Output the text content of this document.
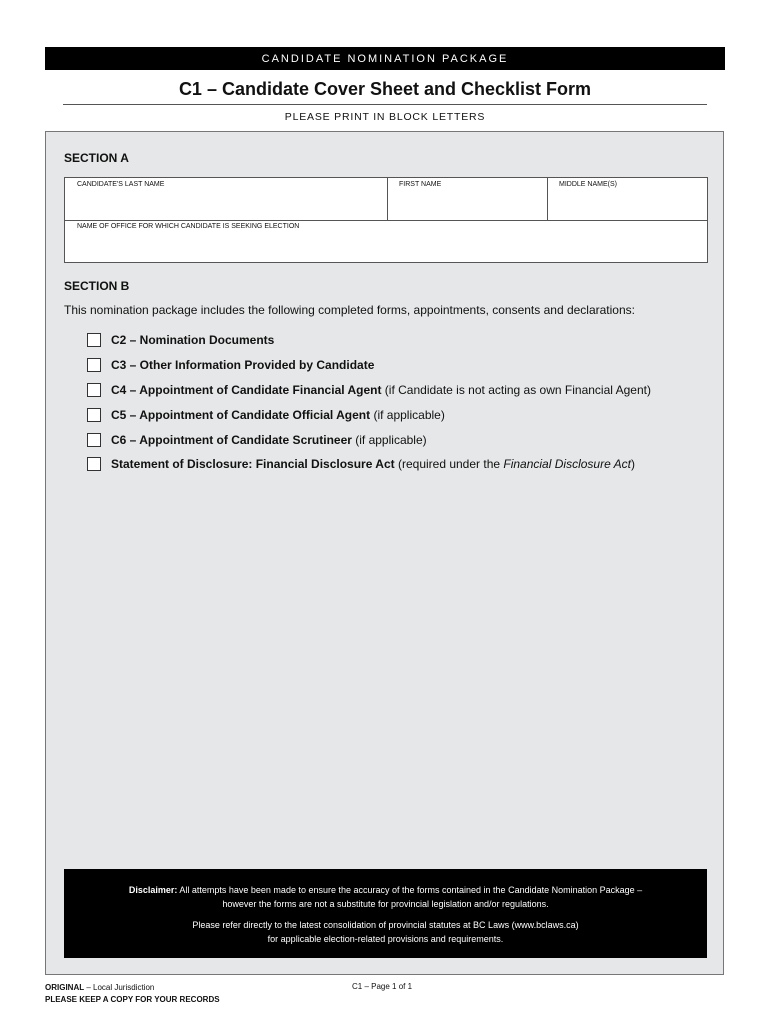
CANDIDATE NOMINATION PACKAGE
C1 – Candidate Cover Sheet and Checklist Form
PLEASE PRINT IN BLOCK LETTERS
SECTION A
CANDIDATE'S LAST NAME	FIRST NAME	MIDDLE NAME(S)
NAME OF OFFICE FOR WHICH CANDIDATE IS SEEKING ELECTION
SECTION B
This nomination package includes the following completed forms, appointments, consents and declarations:
C2 – Nomination Documents
C3 – Other Information Provided by Candidate
C4 – Appointment of Candidate Financial Agent (if Candidate is not acting as own Financial Agent)
C5 – Appointment of Candidate Official Agent (if applicable)
C6 – Appointment of Candidate Scrutineer (if applicable)
Statement of Disclosure: Financial Disclosure Act (required under the Financial Disclosure Act)

Disclaimer: All attempts have been made to ensure the accuracy of the forms contained in the Candidate Nomination Package –
however the forms are not a substitute for provincial legislation and/or regulations.

Please refer directly to the latest consolidation of provincial statutes at BC Laws (www.bclaws.ca)
for applicable election-related provisions and requirements.

ORIGINAL – Local Jurisdiction
PLEASE KEEP A COPY FOR YOUR RECORDS
C1 – Page 1 of 1
